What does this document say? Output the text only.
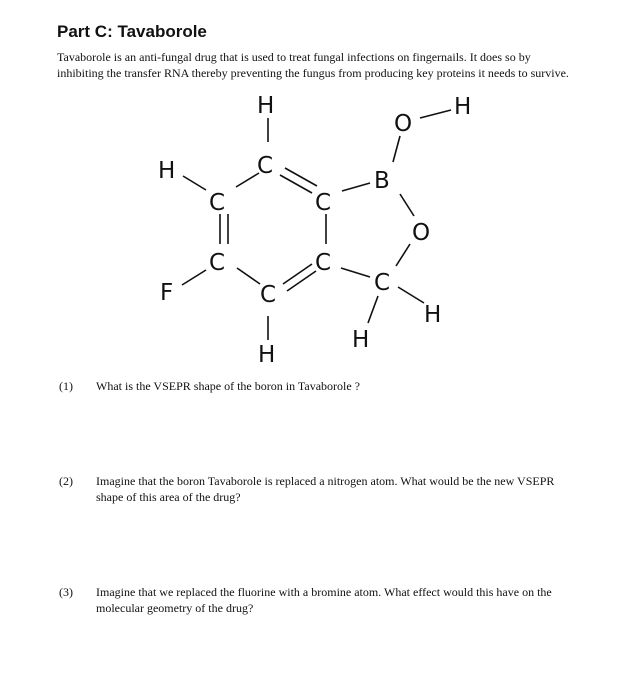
Part C: Tavaborole
Tavaborole is an anti-fungal drug that is used to treat fungal infections on fingernails. It does so by inhibiting the transfer RNA thereby preventing the fungus from producing key proteins it needs to survive.
H
C
O
H
H
C	C
B
O
C	C
C
F	C
H
H
H
(1) What is the VSEPR shape of the boron in Tavaborole ?
(2) Imagine that the boron Tavaborole is replaced a nitrogen atom. What would be the new VSEPR shape of this area of the drug?
(3) Imagine that we replaced the fluorine with a bromine atom. What effect would this have on the molecular geometry of the drug?
